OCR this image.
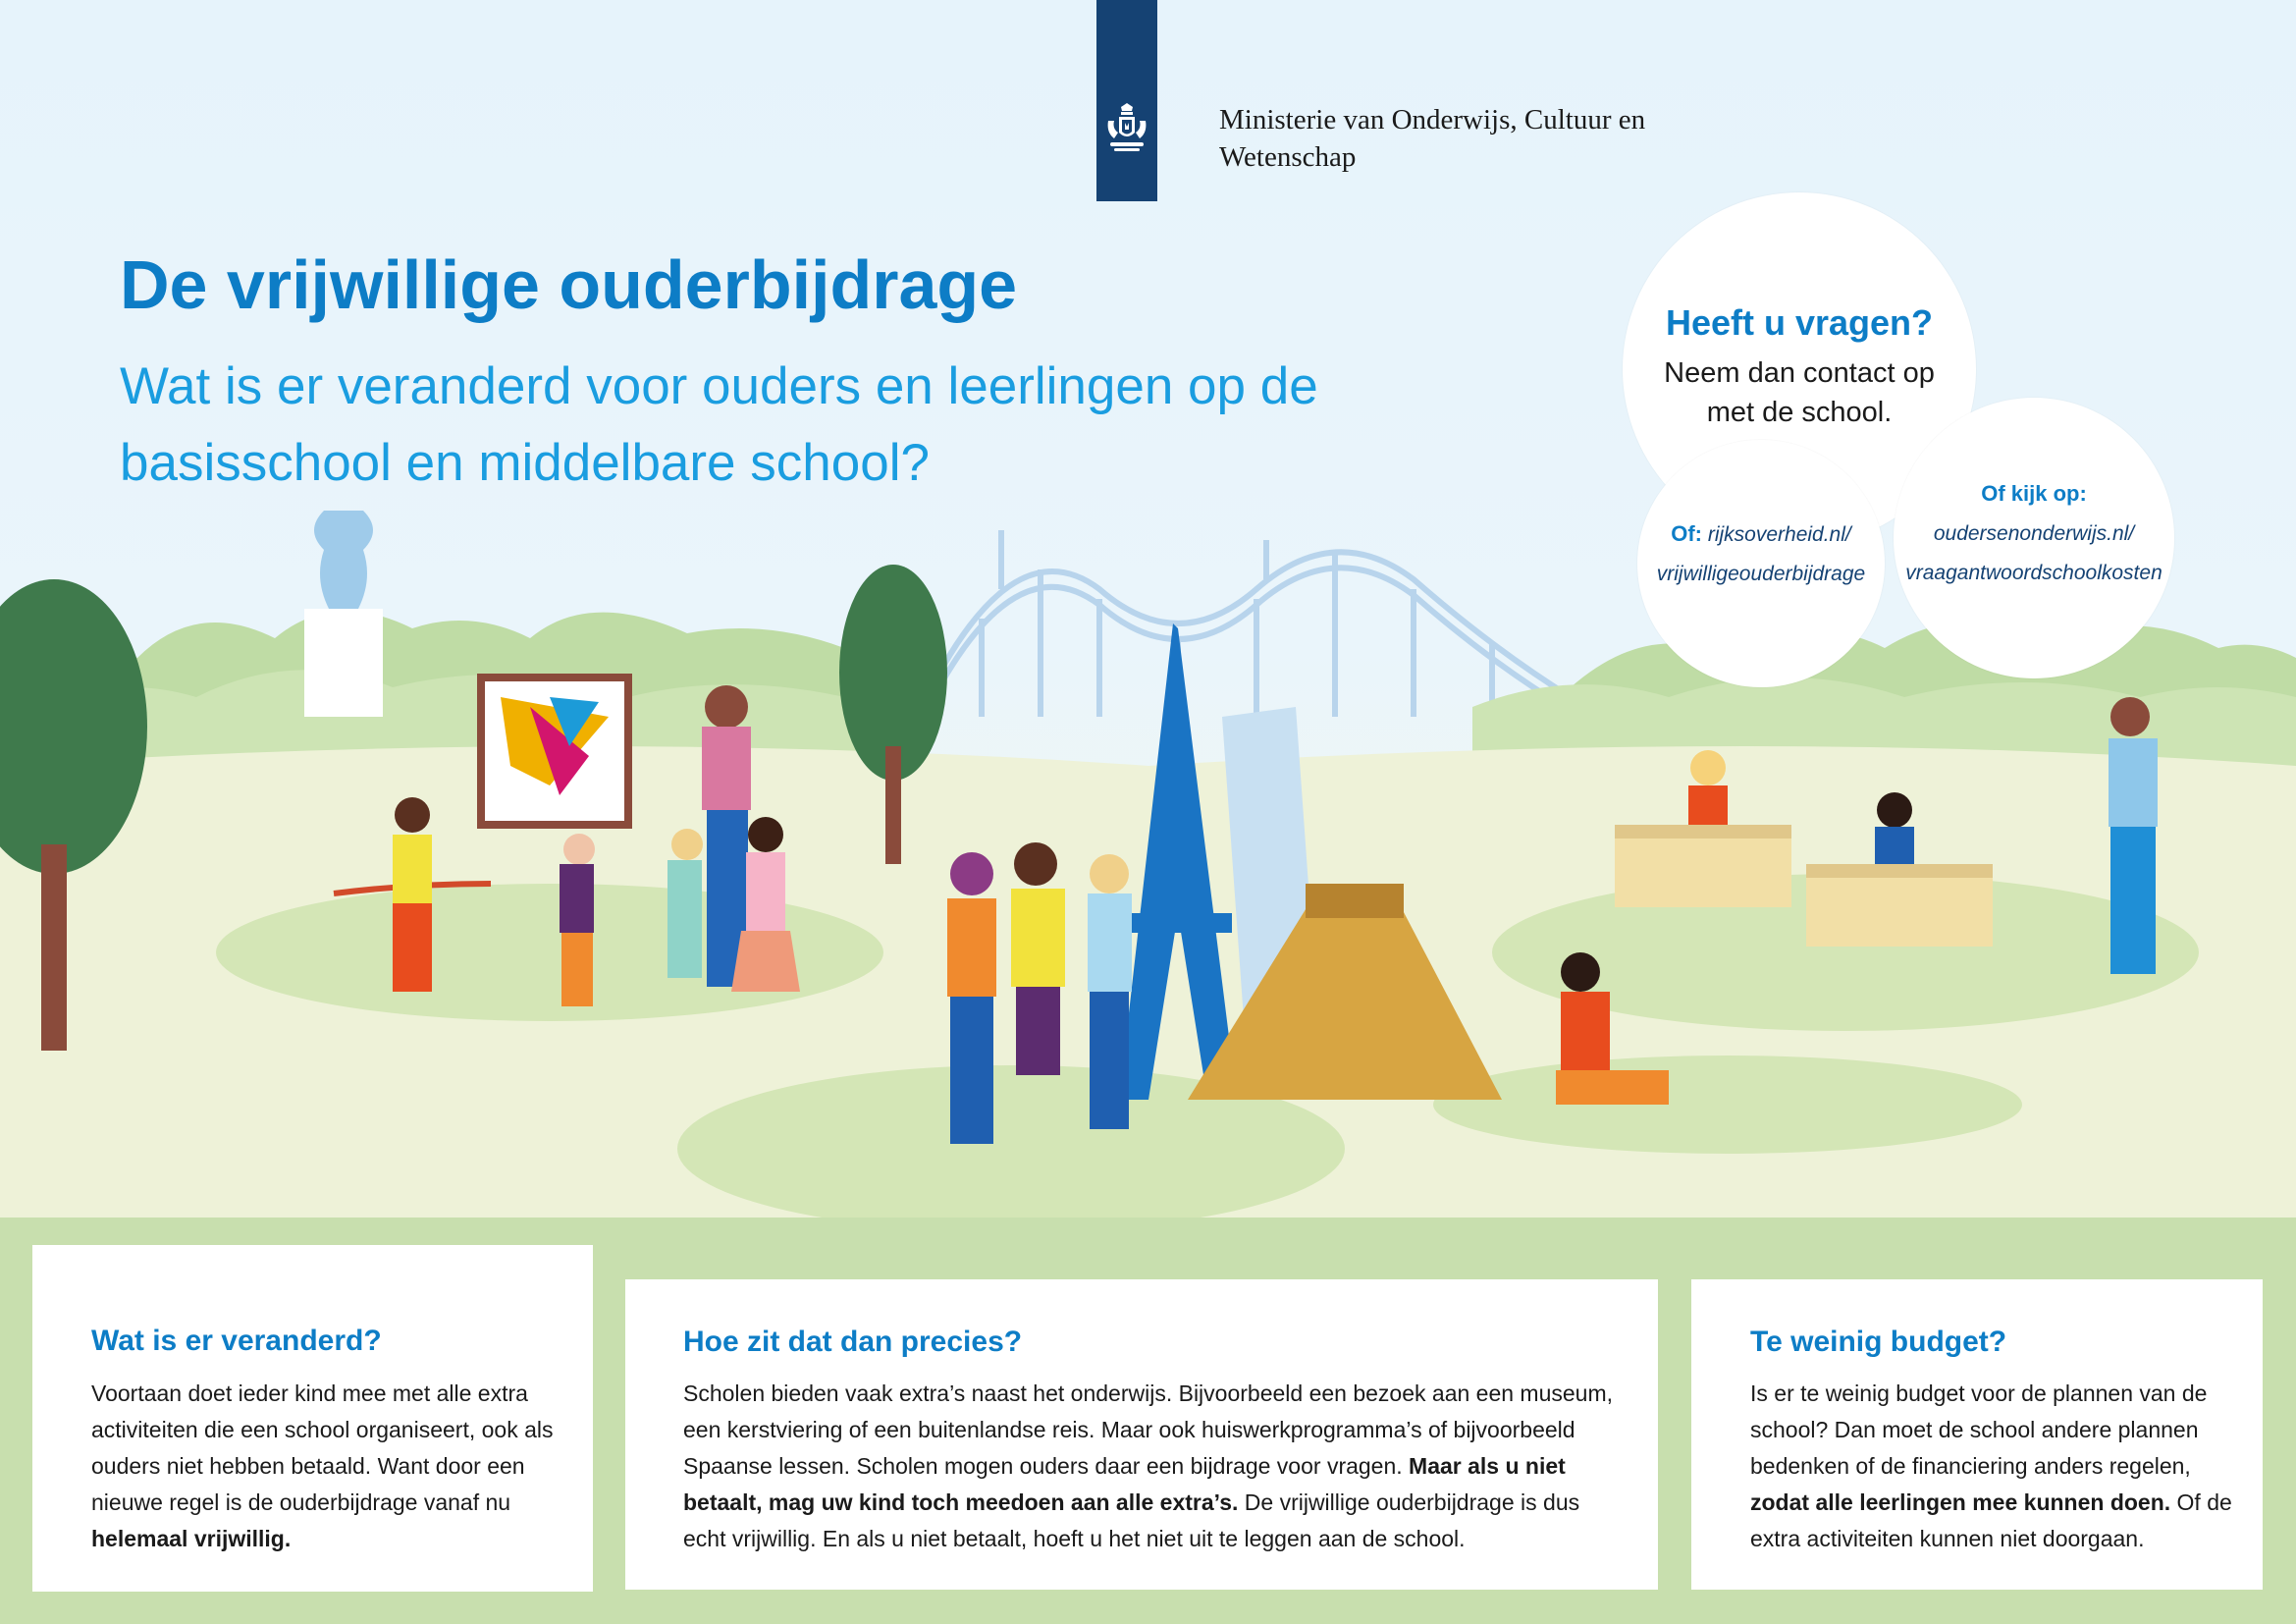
Ministerie van Onderwijs, Cultuur en Wetenschap
De vrijwillige ouderbijdrage

Wat is er veranderd voor ouders en leerlingen op de basisschool en middelbare school?

Heeft u vragen?

Neem dan contact op met de school.

Of: rijksoverheid.nl/
vrijwilligeouderbijdrage
Of kijk op:
oudersenonderwijs.nl/
vraagantwoordschoolkosten
Wat is er veranderd?

Voortaan doet ieder kind mee met alle extra activiteiten die een school organiseert, ook als ouders niet hebben betaald. Want door een nieuwe regel is de ouderbijdrage vanaf nu helemaal vrijwillig.

Hoe zit dat dan precies?

Scholen bieden vaak extra’s naast het onderwijs. Bijvoorbeeld een bezoek aan een museum, een kerstviering of een buitenlandse reis. Maar ook huiswerkprogramma’s of bijvoorbeeld Spaanse lessen. Scholen mogen ouders daar een bijdrage voor vragen. Maar als u niet betaalt, mag uw kind toch meedoen aan alle extra’s. De vrijwillige ouderbijdrage is dus echt vrijwillig. En als u niet betaalt, hoeft u het niet uit te leggen aan de school.

Te weinig budget?

Is er te weinig budget voor de plannen van de school? Dan moet de school andere plannen bedenken of de financiering anders regelen, zodat alle leerlingen mee kunnen doen. Of de extra activiteiten kunnen niet doorgaan.
